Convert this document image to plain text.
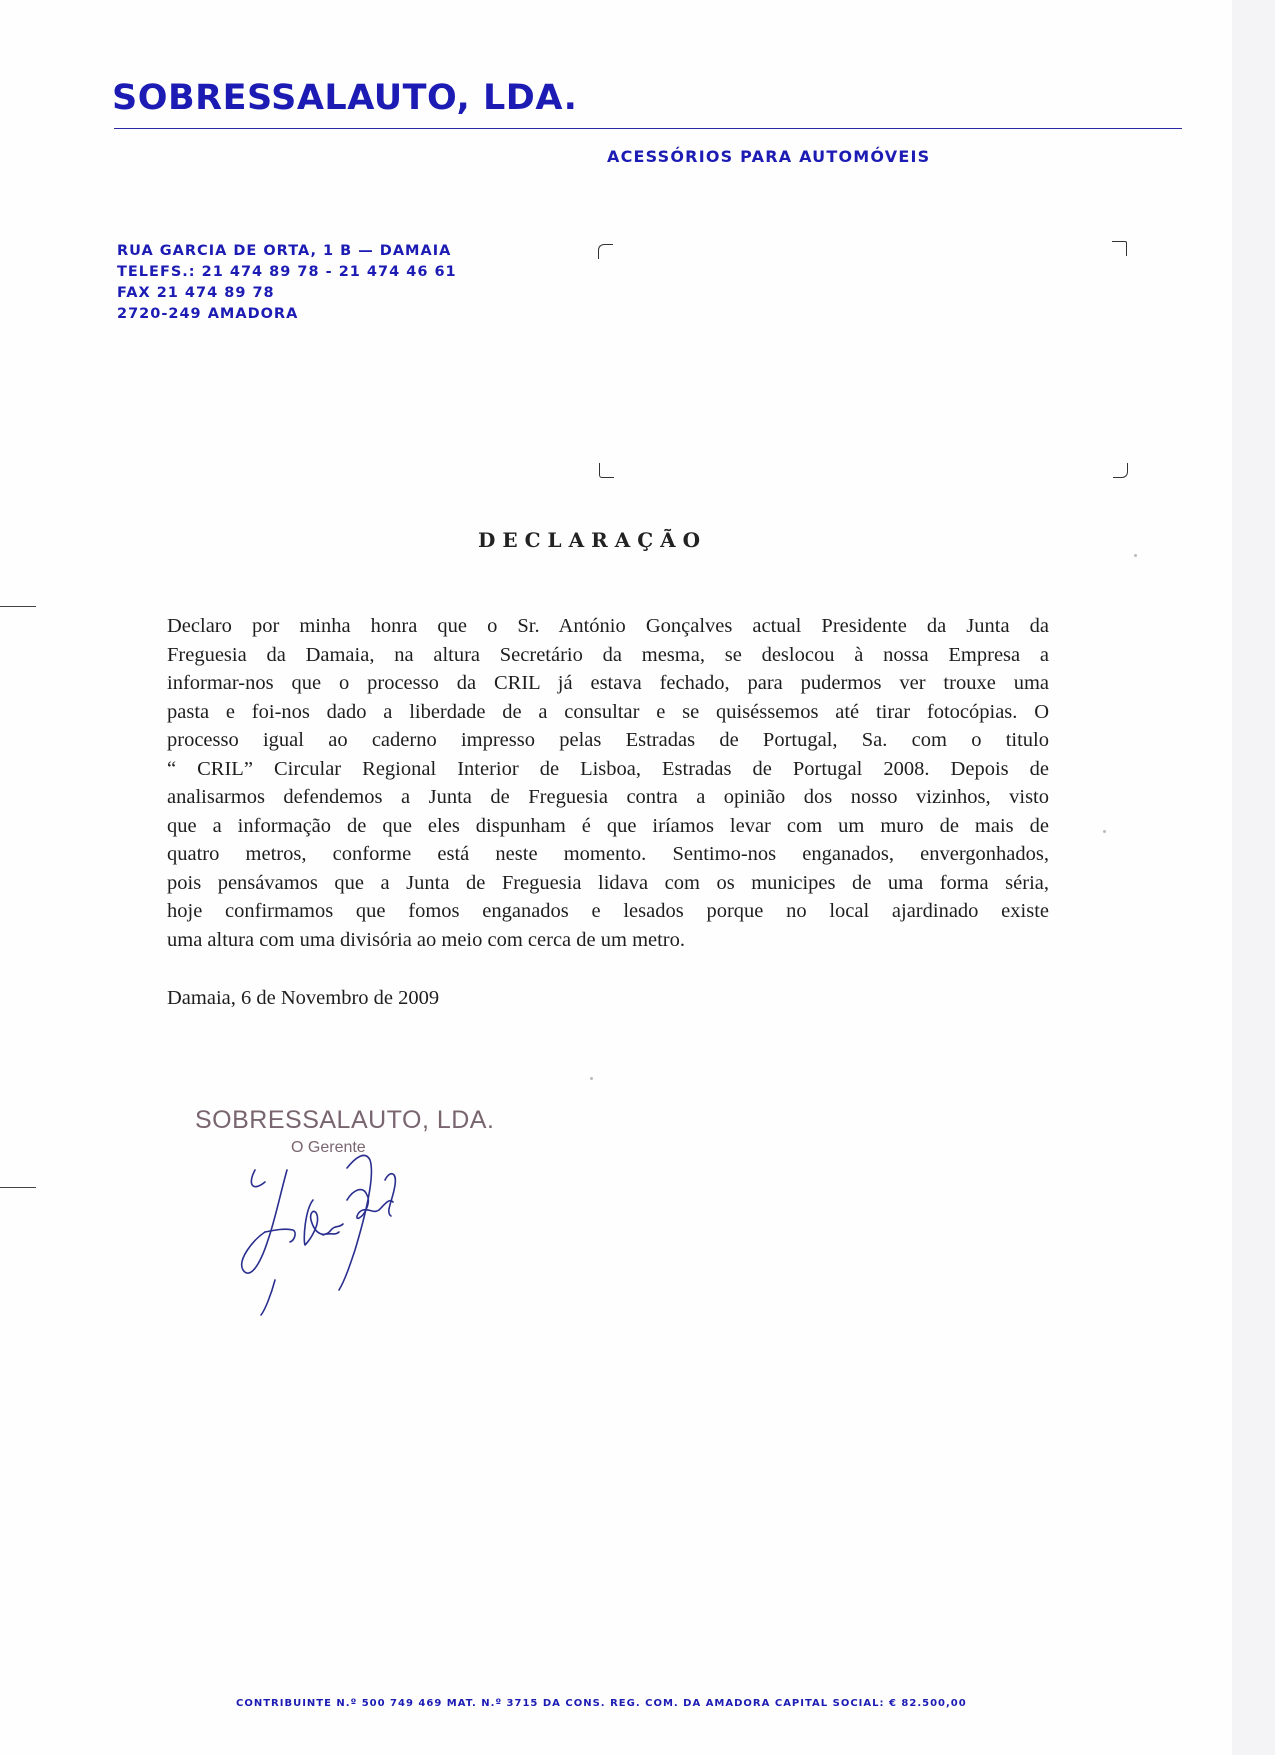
SOBRESSALAUTO, LDA.
ACESSÓRIOS PARA AUTOMÓVEIS
RUA GARCIA DE ORTA, 1 B — DAMAIA
TELEFS.: 21 474 89 78 - 21 474 46 61
FAX 21 474 89 78
2720-249 AMADORA
DECLARAÇÃO
Declaro por minha honra que o Sr. António Gonçalves actual Presidente da Junta da
Freguesia da Damaia, na altura Secretário da mesma, se deslocou à nossa Empresa a
informar-nos que o processo da CRIL já estava fechado, para pudermos ver trouxe uma
pasta e foi-nos dado a liberdade de a consultar e se quiséssemos até tirar fotocópias. O
processo igual ao caderno impresso pelas Estradas de Portugal, Sa. com o titulo
“ CRIL” Circular Regional Interior de Lisboa, Estradas de Portugal 2008. Depois de
analisarmos defendemos a Junta de Freguesia contra a opinião dos nosso vizinhos, visto
que a informação de que eles dispunham é que iríamos levar com um muro de mais de
quatro metros, conforme está neste momento. Sentimo-nos enganados, envergonhados,
pois pensávamos que a Junta de Freguesia lidava com os municipes de uma forma séria,
hoje confirmamos que fomos enganados e lesados porque no local ajardinado existe
uma altura com uma divisória ao meio com cerca de um metro.
Damaia, 6 de Novembro de 2009
SOBRESSALAUTO, LDA.
O Gerente
CONTRIBUINTE N.º 500 749 469 MAT. N.º 3715 DA CONS. REG. COM. DA AMADORA CAPITAL SOCIAL: € 82.500,00
